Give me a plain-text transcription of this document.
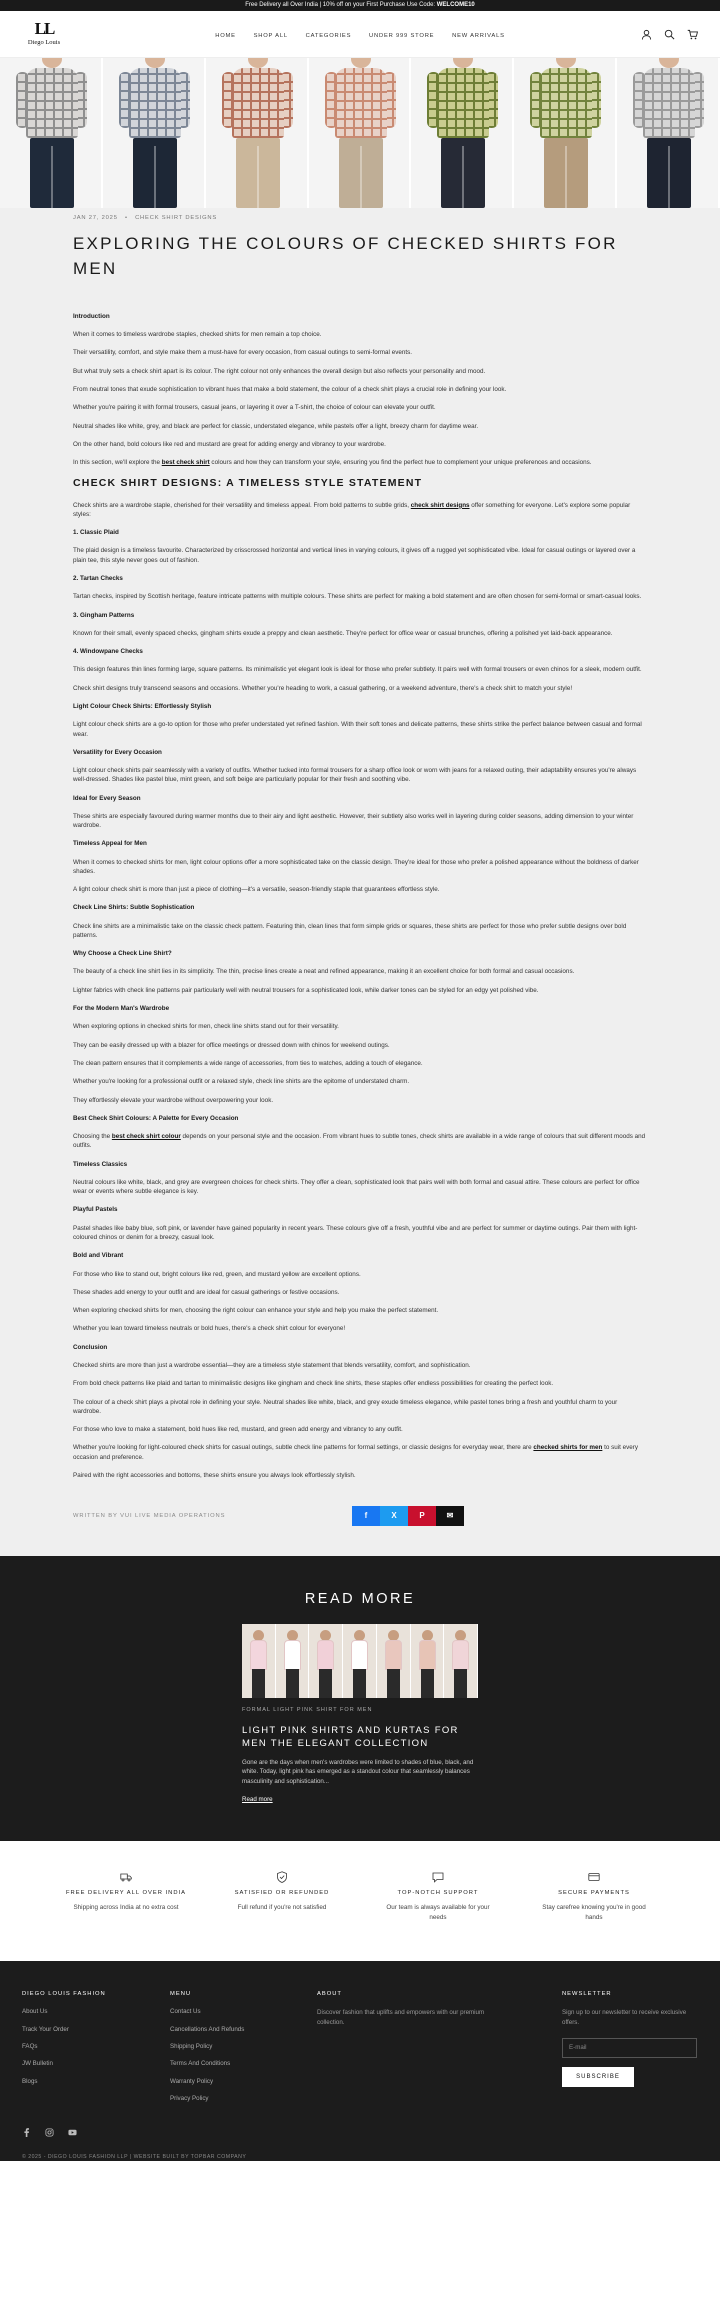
Free Delivery all Over India | 10% off on your First Purchase Use Code: WELCOME10
LL
Diego Louis
HOME	SHOP ALL	CATEGORIES	UNDER 999 STORE	NEW ARRIVALS
JAN 27, 2025   •   CHECK SHIRT DESIGNS
EXPLORING THE COLOURS OF CHECKED SHIRTS FOR MEN

Introduction

When it comes to timeless wardrobe staples, checked shirts for men remain a top choice.

Their versatility, comfort, and style make them a must-have for every occasion, from casual outings to semi-formal events.

But what truly sets a check shirt apart is its colour. The right colour not only enhances the overall design but also reflects your personality and mood.

From neutral tones that exude sophistication to vibrant hues that make a bold statement, the colour of a check shirt plays a crucial role in defining your look.

Whether you're pairing it with formal trousers, casual jeans, or layering it over a T-shirt, the choice of colour can elevate your outfit.

Neutral shades like white, grey, and black are perfect for classic, understated elegance, while pastels offer a light, breezy charm for daytime wear.

On the other hand, bold colours like red and mustard are great for adding energy and vibrancy to your wardrobe.

In this section, we'll explore the best check shirt colours and how they can transform your style, ensuring you find the perfect hue to complement your unique preferences and occasions.

CHECK SHIRT DESIGNS: A TIMELESS STYLE STATEMENT

Check shirts are a wardrobe staple, cherished for their versatility and timeless appeal. From bold patterns to subtle grids, check shirt designs offer something for everyone. Let's explore some popular styles:

1. Classic Plaid

The plaid design is a timeless favourite. Characterized by crisscrossed horizontal and vertical lines in varying colours, it gives off a rugged yet sophisticated vibe. Ideal for casual outings or layered over a plain tee, this style never goes out of fashion.

2. Tartan Checks

Tartan checks, inspired by Scottish heritage, feature intricate patterns with multiple colours. These shirts are perfect for making a bold statement and are often chosen for semi-formal or smart-casual looks.

3. Gingham Patterns

Known for their small, evenly spaced checks, gingham shirts exude a preppy and clean aesthetic. They're perfect for office wear or casual brunches, offering a polished yet laid-back appearance.

4. Windowpane Checks

This design features thin lines forming large, square patterns. Its minimalistic yet elegant look is ideal for those who prefer subtlety. It pairs well with formal trousers or even chinos for a sleek, modern outfit.

Check shirt designs truly transcend seasons and occasions. Whether you're heading to work, a casual gathering, or a weekend adventure, there's a check shirt to match your style!

Light Colour Check Shirts: Effortlessly Stylish

Light colour check shirts are a go-to option for those who prefer understated yet refined fashion. With their soft tones and delicate patterns, these shirts strike the perfect balance between casual and formal wear.

Versatility for Every Occasion

Light colour check shirts pair seamlessly with a variety of outfits. Whether tucked into formal trousers for a sharp office look or worn with jeans for a relaxed outing, their adaptability ensures you're always well-dressed. Shades like pastel blue, mint green, and soft beige are particularly popular for their fresh and soothing vibe.

Ideal for Every Season

These shirts are especially favoured during warmer months due to their airy and light aesthetic. However, their subtlety also works well in layering during colder seasons, adding dimension to your winter wardrobe.

Timeless Appeal for Men

When it comes to checked shirts for men, light colour options offer a more sophisticated take on the classic design. They're ideal for those who prefer a polished appearance without the boldness of darker shades.

A light colour check shirt is more than just a piece of clothing—it's a versatile, season-friendly staple that guarantees effortless style.

Check Line Shirts: Subtle Sophistication

Check line shirts are a minimalistic take on the classic check pattern. Featuring thin, clean lines that form simple grids or squares, these shirts are perfect for those who prefer subtle designs over bold patterns.

Why Choose a Check Line Shirt?

The beauty of a check line shirt lies in its simplicity. The thin, precise lines create a neat and refined appearance, making it an excellent choice for both formal and casual occasions.

Lighter fabrics with check line patterns pair particularly well with neutral trousers for a sophisticated look, while darker tones can be styled for an edgy yet polished vibe.

For the Modern Man's Wardrobe

When exploring options in checked shirts for men, check line shirts stand out for their versatility.

They can be easily dressed up with a blazer for office meetings or dressed down with chinos for weekend outings.

The clean pattern ensures that it complements a wide range of accessories, from ties to watches, adding a touch of elegance.

Whether you're looking for a professional outfit or a relaxed style, check line shirts are the epitome of understated charm.

They effortlessly elevate your wardrobe without overpowering your look.

Best Check Shirt Colours: A Palette for Every Occasion

Choosing the best check shirt colour depends on your personal style and the occasion. From vibrant hues to subtle tones, check shirts are available in a wide range of colours that suit different moods and outfits.

Timeless Classics

Neutral colours like white, black, and grey are evergreen choices for check shirts. They offer a clean, sophisticated look that pairs well with both formal and casual attire. These colours are perfect for office wear or events where subtle elegance is key.

Playful Pastels

Pastel shades like baby blue, soft pink, or lavender have gained popularity in recent years. These colours give off a fresh, youthful vibe and are perfect for summer or daytime outings. Pair them with light-coloured chinos or denim for a breezy, casual look.

Bold and Vibrant

For those who like to stand out, bright colours like red, green, and mustard yellow are excellent options.

These shades add energy to your outfit and are ideal for casual gatherings or festive occasions.

When exploring checked shirts for men, choosing the right colour can enhance your style and help you make the perfect statement.

Whether you lean toward timeless neutrals or bold hues, there's a check shirt colour for everyone!

Conclusion

Checked shirts are more than just a wardrobe essential—they are a timeless style statement that blends versatility, comfort, and sophistication.

From bold check patterns like plaid and tartan to minimalistic designs like gingham and check line shirts, these staples offer endless possibilities for creating the perfect look.

The colour of a check shirt plays a pivotal role in defining your style. Neutral shades like white, black, and grey exude timeless elegance, while pastel tones bring a fresh and youthful charm to your wardrobe.

For those who love to make a statement, bold hues like red, mustard, and green add energy and vibrancy to any outfit.

Whether you're looking for light-coloured check shirts for casual outings, subtle check line patterns for formal settings, or classic designs for everyday wear, there are checked shirts for men to suit every occasion and preference.

Paired with the right accessories and bottoms, these shirts ensure you always look effortlessly stylish.

WRITTEN BY VUI LIVE MEDIA OPERATIONS	f	X	P	✉
READ MORE
FORMAL LIGHT PINK SHIRT FOR MEN
LIGHT PINK SHIRTS AND KURTAS FOR MEN THE ELEGANT COLLECTION
Gone are the days when men's wardrobes were limited to shades of blue, black, and white. Today, light pink has emerged as a standout colour that seamlessly balances masculinity and sophistication...
Read more
FREE DELIVERY ALL OVER INDIA
Shipping across India at no extra cost
SATISFIED OR REFUNDED
Full refund if you're not satisfied
TOP-NOTCH SUPPORT
Our team is always available for your needs
SECURE PAYMENTS
Stay carefree knowing you're in good hands
DIEGO LOUIS FASHION
About Us
Track Your Order
FAQs
JW Bulletin
Blogs
MENU
Contact Us
Cancellations And Refunds
Shipping Policy
Terms And Conditions
Warranty Policy
Privacy Policy
ABOUT
Discover fashion that uplifts and empowers with our premium collection.
NEWSLETTER
Sign up to our newsletter to receive exclusive offers.
E-mail
SUBSCRIBE
© 2025 - DIEGO LOUIS FASHION LLP | WEBSITE BUILT BY TOPBAR COMPANY
